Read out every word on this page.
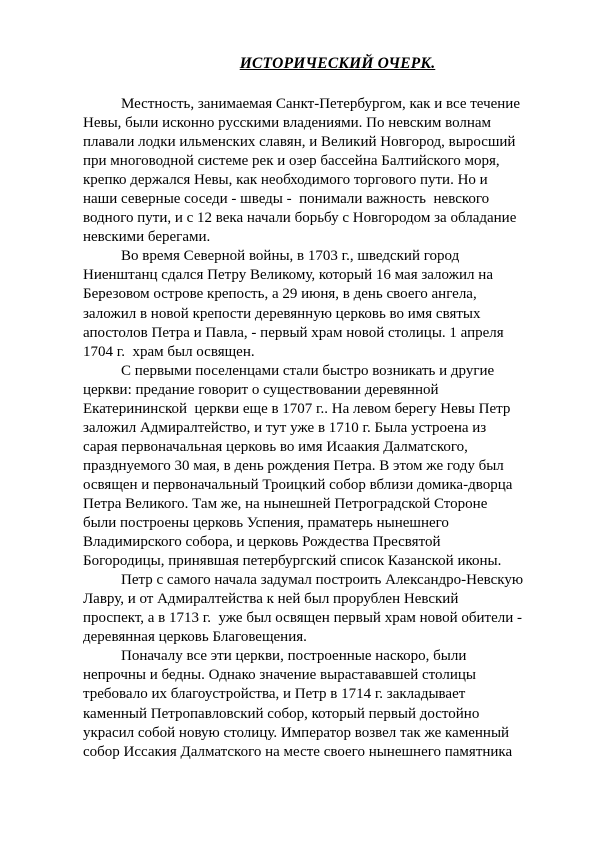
ИСТОРИЧЕСКИЙ ОЧЕРК.
Местность, занимаемая Санкт-Петербургом, как и все течение
Невы, были исконно русскими владениями. По невским волнам
плавали лодки ильменских славян, и Великий Новгород, выросший
при многоводной системе рек и озер бассейна Балтийского моря,
крепко держался Невы, как необходимого торгового пути. Но и
наши северные соседи - шведы -  понимали важность  невского
водного пути, и с 12 века начали борьбу с Новгородом за обладание
невскими берегами.
Во время Северной войны, в 1703 г., шведский город
Ниенштанц сдался Петру Великому, который 16 мая заложил на
Березовом острове крепость, а 29 июня, в день своего ангела,
заложил в новой крепости деревянную церковь во имя святых
апостолов Петра и Павла, - первый храм новой столицы. 1 апреля
1704 г.  храм был освящен.
С первыми поселенцами стали быстро возникать и другие
церкви: предание говорит о существовании деревянной
Екатерининской  церкви еще в 1707 г.. На левом берегу Невы Петр
заложил Адмиралтейство, и тут уже в 1710 г. Была устроена из
сарая первоначальная церковь во имя Исаакия Далматского,
празднуемого 30 мая, в день рождения Петра. В этом же году был
освящен и первоначальный Троицкий собор вблизи домика-дворца
Петра Великого. Там же, на нынешней Петроградской Стороне
были построены церковь Успения, праматерь нынешнего
Владимирского собора, и церковь Рождества Пресвятой
Богородицы, принявшая петербургский список Казанской иконы.
Петр с самого начала задумал построить Александро-Невскую
Лавру, и от Адмиралтейства к ней был прорублен Невский
проспект, а в 1713 г.  уже был освящен первый храм новой обители -
деревянная церковь Благовещения.
Поначалу все эти церкви, построенные наскоро, были
непрочны и бедны. Однако значение вырастававшей столицы
требовало их благоустройства, и Петр в 1714 г. закладывает
каменный Петропавловский собор, который первый достойно
украсил собой новую столицу. Император возвел так же каменный
собор Иссакия Далматского на месте своего нынешнего памятника
